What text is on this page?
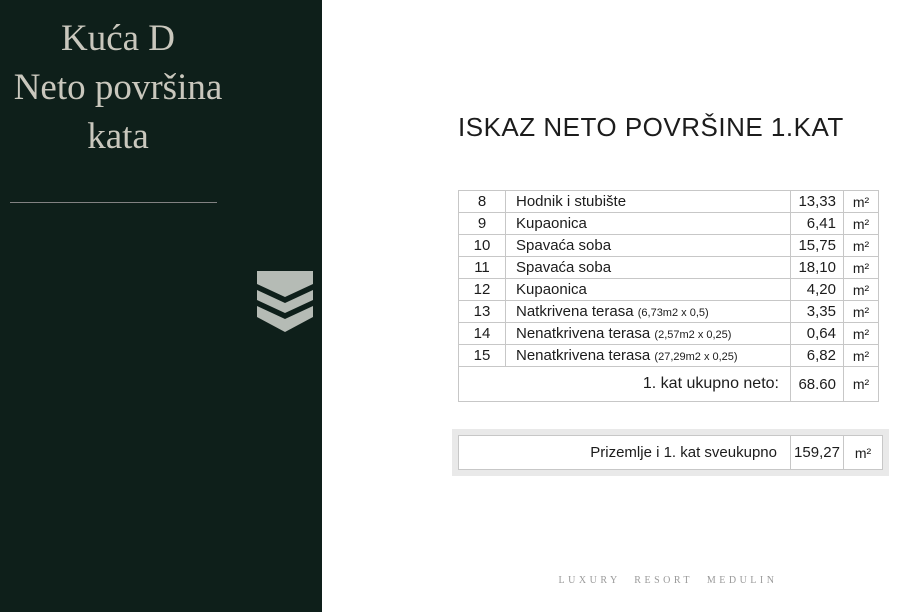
ISKAZ NETO POVRŠINE 1.KAT
8	Hodnik i stubište	13,33	m²
9	Kupaonica	6,41	m²
10	Spavaća soba	15,75	m²
11	Spavaća soba	18,10	m²
12	Kupaonica	4,20	m²
13	Natkrivena terasa (6,73m2 x 0,5)	3,35	m²
14	Nenatkrivena terasa (2,57m2 x 0,25)	0,64	m²
15	Nenatkrivena terasa (27,29m2 x 0,25)	6,82	m²
1. kat ukupno neto:		68.60	m²
Prizemlje i 1. kat sveukupno	159,27	m²
LUXURY RESORT MEDULIN
Kuća D
Neto površina
kata
